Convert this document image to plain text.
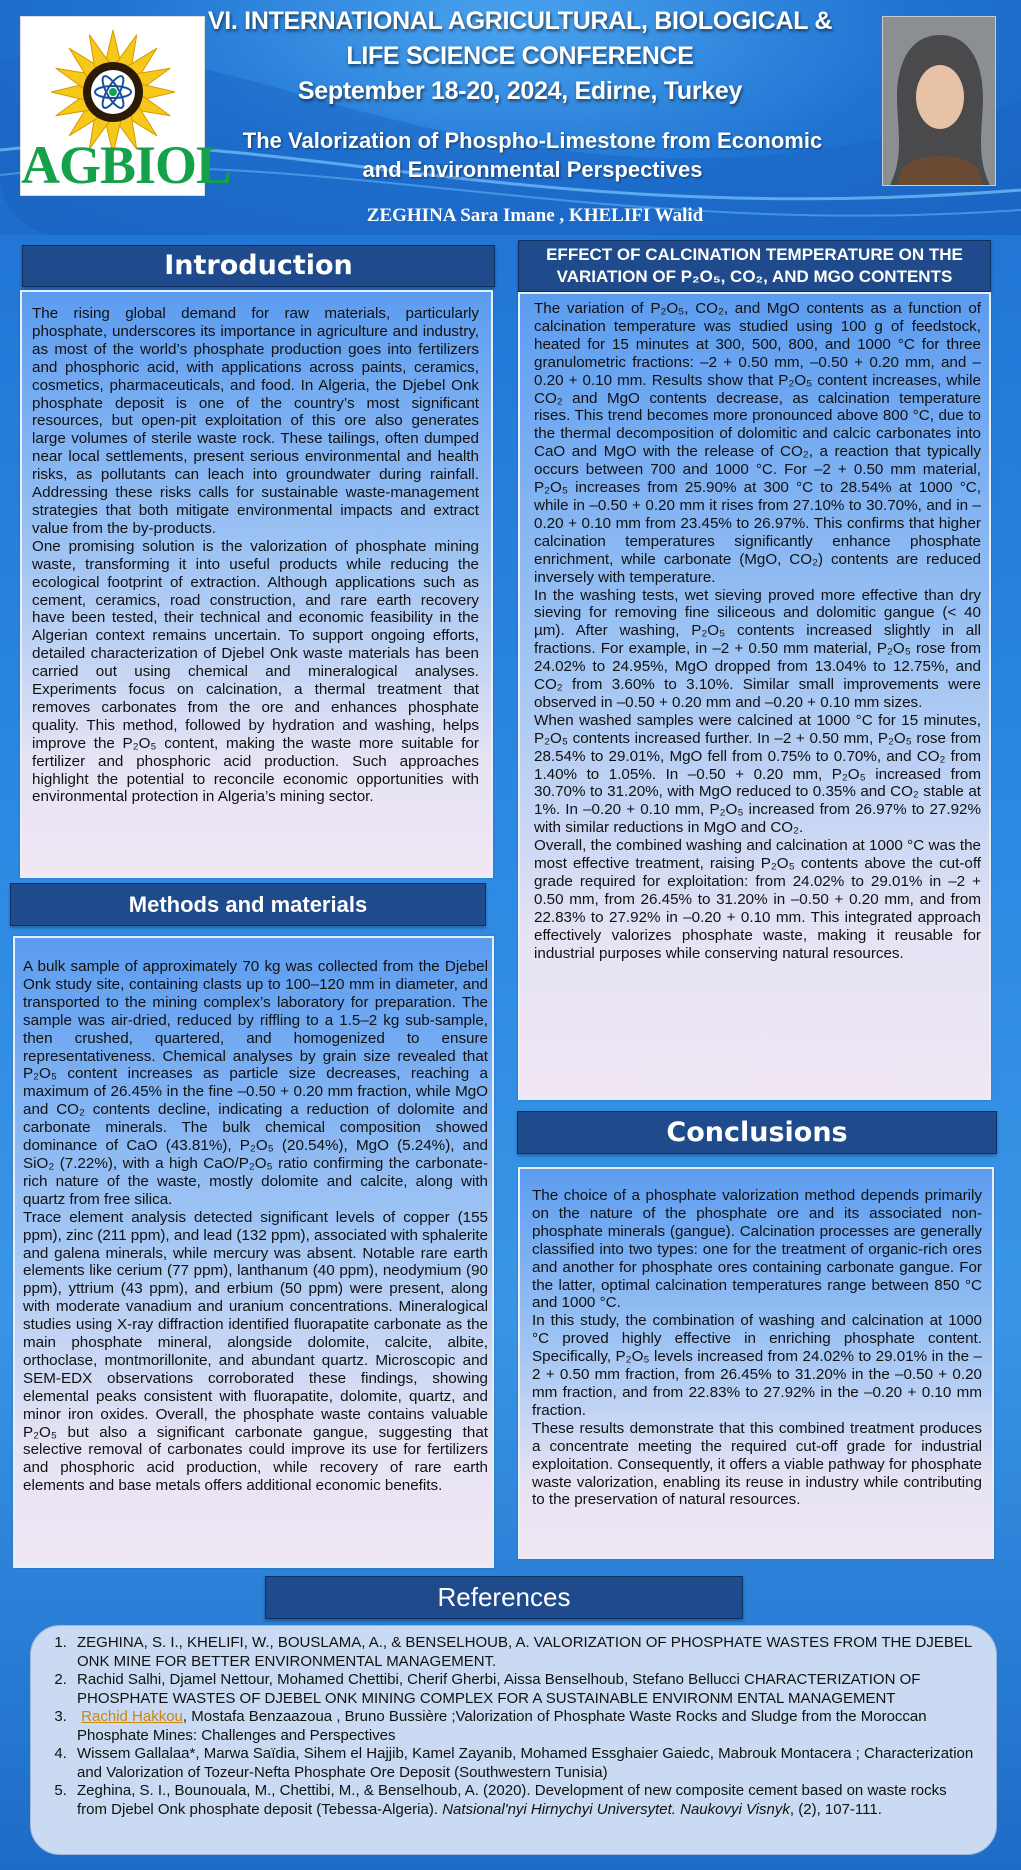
AGBIOL
VI. INTERNATIONAL AGRICULTURAL, BIOLOGICAL &
LIFE SCIENCE CONFERENCE
September 18-20, 2024, Edirne, Turkey
The Valorization of Phospho-Limestone from Economic
and Environmental Perspectives
ZEGHINA Sara Imane , KHELIFI Walid
Introduction

The rising global demand for raw materials, particularly phosphate, underscores its importance in agriculture and industry, as most of the world’s phosphate production goes into fertilizers and phosphoric acid, with applications across paints, ceramics, cosmetics, pharmaceuticals, and food. In Algeria, the Djebel Onk phosphate deposit is one of the country’s most significant resources, but open-pit exploitation of this ore also generates large volumes of sterile waste rock. These tailings, often dumped near local settlements, present serious environmental and health risks, as pollutants can leach into groundwater during rainfall. Addressing these risks calls for sustainable waste-management strategies that both mitigate environmental impacts and extract value from the by-products.

One promising solution is the valorization of phosphate mining waste, transforming it into useful products while reducing the ecological footprint of extraction. Although applications such as cement, ceramics, road construction, and rare earth recovery have been tested, their technical and economic feasibility in the Algerian context remains uncertain. To support ongoing efforts, detailed characterization of Djebel Onk waste materials has been carried out using chemical and mineralogical analyses. Experiments focus on calcination, a thermal treatment that removes carbonates from the ore and enhances phosphate quality. This method, followed by hydration and washing, helps improve the P₂O₅ content, making the waste more suitable for fertilizer and phosphoric acid production. Such approaches highlight the potential to reconcile economic opportunities with environmental protection in Algeria’s mining sector.

Methods and materials

A bulk sample of approximately 70 kg was collected from the Djebel Onk study site, containing clasts up to 100–120 mm in diameter, and transported to the mining complex’s laboratory for preparation. The sample was air-dried, reduced by riffling to a 1.5–2 kg sub-sample, then crushed, quartered, and homogenized to ensure representativeness. Chemical analyses by grain size revealed that P₂O₅ content increases as particle size decreases, reaching a maximum of 26.45% in the fine –0.50 + 0.20 mm fraction, while MgO and CO₂ contents decline, indicating a reduction of dolomite and carbonate minerals. The bulk chemical composition showed dominance of CaO (43.81%), P₂O₅ (20.54%), MgO (5.24%), and SiO₂ (7.22%), with a high CaO/P₂O₅ ratio confirming the carbonate-rich nature of the waste, mostly dolomite and calcite, along with quartz from free silica.

Trace element analysis detected significant levels of copper (155 ppm), zinc (211 ppm), and lead (132 ppm), associated with sphalerite and galena minerals, while mercury was absent. Notable rare earth elements like cerium (77 ppm), lanthanum (40 ppm), neodymium (90 ppm), yttrium (43 ppm), and erbium (50 ppm) were present, along with moderate vanadium and uranium concentrations. Mineralogical studies using X-ray diffraction identified fluorapatite carbonate as the main phosphate mineral, alongside dolomite, calcite, albite, orthoclase, montmorillonite, and abundant quartz. Microscopic and SEM-EDX observations corroborated these findings, showing elemental peaks consistent with fluorapatite, dolomite, quartz, and minor iron oxides. Overall, the phosphate waste contains valuable P₂O₅ but also a significant carbonate gangue, suggesting that selective removal of carbonates could improve its use for fertilizers and phosphoric acid production, while recovery of rare earth elements and base metals offers additional economic benefits.

EFFECT OF CALCINATION TEMPERATURE ON THE
VARIATION OF P₂O₅, CO₂, AND MGO CONTENTS

The variation of P₂O₅, CO₂, and MgO contents as a function of calcination temperature was studied using 100 g of feedstock, heated for 15 minutes at 300, 500, 800, and 1000 °C for three granulometric fractions: –2 + 0.50 mm, –0.50 + 0.20 mm, and –0.20 + 0.10 mm. Results show that P₂O₅ content increases, while CO₂ and MgO contents decrease, as calcination temperature rises. This trend becomes more pronounced above 800 °C, due to the thermal decomposition of dolomitic and calcic carbonates into CaO and MgO with the release of CO₂, a reaction that typically occurs between 700 and 1000 °C. For –2 + 0.50 mm material, P₂O₅ increases from 25.90% at 300 °C to 28.54% at 1000 °C, while in –0.50 + 0.20 mm it rises from 27.10% to 30.70%, and in –0.20 + 0.10 mm from 23.45% to 26.97%. This confirms that higher calcination temperatures significantly enhance phosphate enrichment, while carbonate (MgO, CO₂) contents are reduced inversely with temperature.

In the washing tests, wet sieving proved more effective than dry sieving for removing fine siliceous and dolomitic gangue (< 40 µm). After washing, P₂O₅ contents increased slightly in all fractions. For example, in –2 + 0.50 mm material, P₂O₅ rose from 24.02% to 24.95%, MgO dropped from 13.04% to 12.75%, and CO₂ from 3.60% to 3.10%. Similar small improvements were observed in –0.50 + 0.20 mm and –0.20 + 0.10 mm sizes.

When washed samples were calcined at 1000 °C for 15 minutes, P₂O₅ contents increased further. In –2 + 0.50 mm, P₂O₅ rose from 28.54% to 29.01%, MgO fell from 0.75% to 0.70%, and CO₂ from 1.40% to 1.05%. In –0.50 + 0.20 mm, P₂O₅ increased from 30.70% to 31.20%, with MgO reduced to 0.35% and CO₂ stable at 1%. In –0.20 + 0.10 mm, P₂O₅ increased from 26.97% to 27.92% with similar reductions in MgO and CO₂.

Overall, the combined washing and calcination at 1000 °C was the most effective treatment, raising P₂O₅ contents above the cut-off grade required for exploitation: from 24.02% to 29.01% in –2 + 0.50 mm, from 26.45% to 31.20% in –0.50 + 0.20 mm, and from 22.83% to 27.92% in –0.20 + 0.10 mm. This integrated approach effectively valorizes phosphate waste, making it reusable for industrial purposes while conserving natural resources.

Conclusions

The choice of a phosphate valorization method depends primarily on the nature of the phosphate ore and its associated non-phosphate minerals (gangue). Calcination processes are generally classified into two types: one for the treatment of organic-rich ores and another for phosphate ores containing carbonate gangue. For the latter, optimal calcination temperatures range between 850 °C and 1000 °C.

In this study, the combination of washing and calcination at 1000 °C proved highly effective in enriching phosphate content. Specifically, P₂O₅ levels increased from 24.02% to 29.01% in the –2 + 0.50 mm fraction, from 26.45% to 31.20% in the –0.50 + 0.20 mm fraction, and from 22.83% to 27.92% in the –0.20 + 0.10 mm fraction.

These results demonstrate that this combined treatment produces a concentrate meeting the required cut-off grade for industrial exploitation. Consequently, it offers a viable pathway for phosphate waste valorization, enabling its reuse in industry while contributing to the preservation of natural resources.

References
1. ZEGHINA, S. I., KHELIFI, W., BOUSLAMA, A., & BENSELHOUB, A. VALORIZATION OF PHOSPHATE WASTES FROM THE DJEBEL ONK MINE FOR BETTER ENVIRONMENTAL MANAGEMENT.
2. Rachid Salhi, Djamel Nettour, Mohamed Chettibi, Cherif Gherbi, Aissa Benselhoub, Stefano Bellucci CHARACTERIZATION OF PHOSPHATE WASTES OF DJEBEL ONK MINING COMPLEX FOR A SUSTAINABLE ENVIRONM ENTAL MANAGEMENT
3. Rachid Hakkou, Mostafa Benzaazoua , Bruno Bussière ;Valorization of Phosphate Waste Rocks and Sludge from the Moroccan Phosphate Mines: Challenges and Perspectives
4. Wissem Gallalaa*, Marwa Saïdia, Sihem el Hajjib, Kamel Zayanib, Mohamed Essghaier Gaiedc, Mabrouk Montacera ; Characterization and Valorization of Tozeur-Nefta Phosphate Ore Deposit (Southwestern Tunisia)
5. Zeghina, S. I., Bounouala, M., Chettibi, M., & Benselhoub, A. (2020). Development of new composite cement based on waste rocks from Djebel Onk phosphate deposit (Tebessa-Algeria). Natsional'nyi Hirnychyi Universytet. Naukovyi Visnyk, (2), 107-111.
